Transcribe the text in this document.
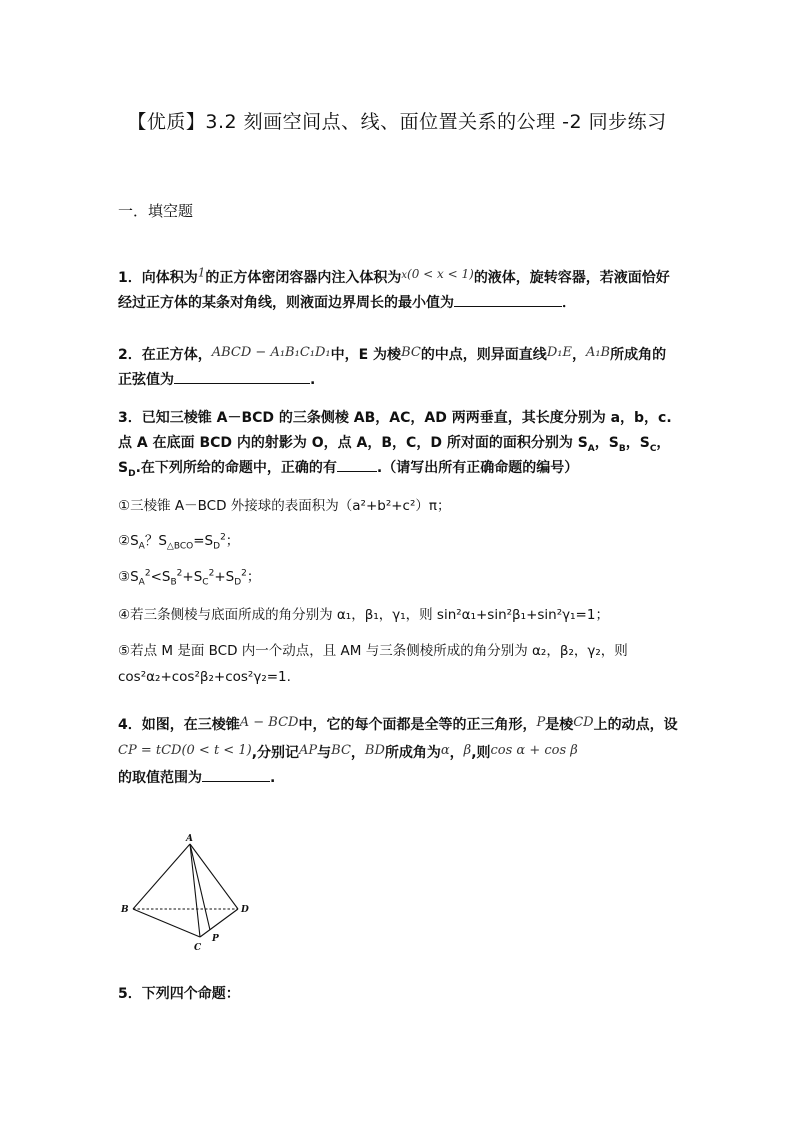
【优质】3.2 刻画空间点、线、面位置关系的公理 -2 同步练习
一．填空题
1．向体积为$^1$的正方体密闭容器内注入体积为$^x$(0 < x < 1)的液体，旋转容器，若液面恰好经过正方体的某条对角线，则液面边界周长的最小值为	．
2．在正方体，ABCD − A₁B₁C₁D₁中，E 为棱BC的中点，则异面直线D₁E，A₁B所成角的正弦值为	.
3．已知三棱锥 A－BCD 的三条侧棱 AB，AC，AD 两两垂直，其长度分别为 a，b，c.点 A 在底面 BCD 内的射影为 O，点 A，B，C，D 所对面的面积分别为 $S_A$，$S_B$，$S_C$，$S_D$.在下列所给的命题中，正确的有	.（请写出所有正确命题的编号）
①三棱锥 A－BCD 外接球的表面积为（a²+b²+c²）π；
$②S_A$？$S_{\triangle BCO}=S_D^2$；
$③S_A^2<S_B^2+S_C^2+S_D^2$；
④若三条侧棱与底面所成的角分别为 α₁，β₁，γ₁，则 sin²α₁+sin²β₁+sin²γ₁=1；
⑤若点 M 是面 BCD 内一个动点，且 AM 与三条侧棱所成的角分别为 α₂，β₂，γ₂，则 cos²α₂+cos²β₂+cos²γ₂=1.
4．如图，在三棱锥A − BCD中，它的每个面都是全等的正三角形，P是棱CD上的动点，设CP = tCD(0 < t < 1),分别记AP与BC，BD所成角为α，β,则cos α + cos β
的取值范围为	.
A
B
C
D
P
5．下列四个命题：
